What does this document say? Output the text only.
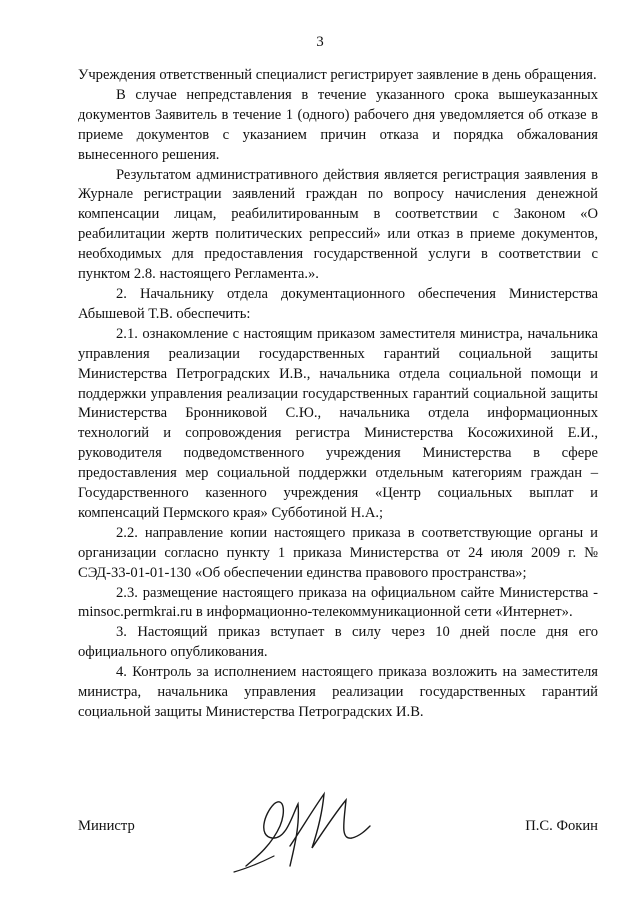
3

Учреждения ответственный специалист регистрирует заявление в день обращения.

В случае непредставления в течение указанного срока вышеуказанных документов Заявитель в течение 1 (одного) рабочего дня уведомляется об отказе в приеме документов с указанием причин отказа и порядка обжалования вынесенного решения.

Результатом административного действия является регистрация заявления в Журнале регистрации заявлений граждан по вопросу начисления денежной компенсации лицам, реабилитированным в соответствии с Законом «О реабилитации жертв политических репрессий» или отказ в приеме документов, необходимых для предоставления государственной услуги в соответствии с пунктом 2.8. настоящего Регламента.».

2. Начальнику отдела документационного обеспечения Министерства Абышевой Т.В. обеспечить:

2.1. ознакомление с настоящим приказом заместителя министра, начальника управления реализации государственных гарантий социальной защиты Министерства Петроградских И.В., начальника отдела социальной помощи и поддержки управления реализации государственных гарантий социальной защиты Министерства Бронниковой С.Ю., начальника отдела информационных технологий и сопровождения регистра Министерства Косожихиной Е.И., руководителя подведомственного учреждения Министерства в сфере предоставления мер социальной поддержки отдельным категориям граждан – Государственного казенного учреждения «Центр социальных выплат и компенсаций Пермского края» Субботиной Н.А.;

2.2. направление копии настоящего приказа в соответствующие органы и организации согласно пункту 1 приказа Министерства от 24 июля 2009 г. № СЭД-33-01-01-130 «Об обеспечении единства правового пространства»;

2.3. размещение настоящего приказа на официальном сайте Министерства - minsoc.permkrai.ru в информационно-телекоммуникационной сети «Интернет».

3. Настоящий приказ вступает в силу через 10 дней после дня его официального опубликования.

4. Контроль за исполнением настоящего приказа возложить на заместителя министра, начальника управления реализации государственных гарантий социальной защиты Министерства Петроградских И.В.

Министр	П.С. Фокин
